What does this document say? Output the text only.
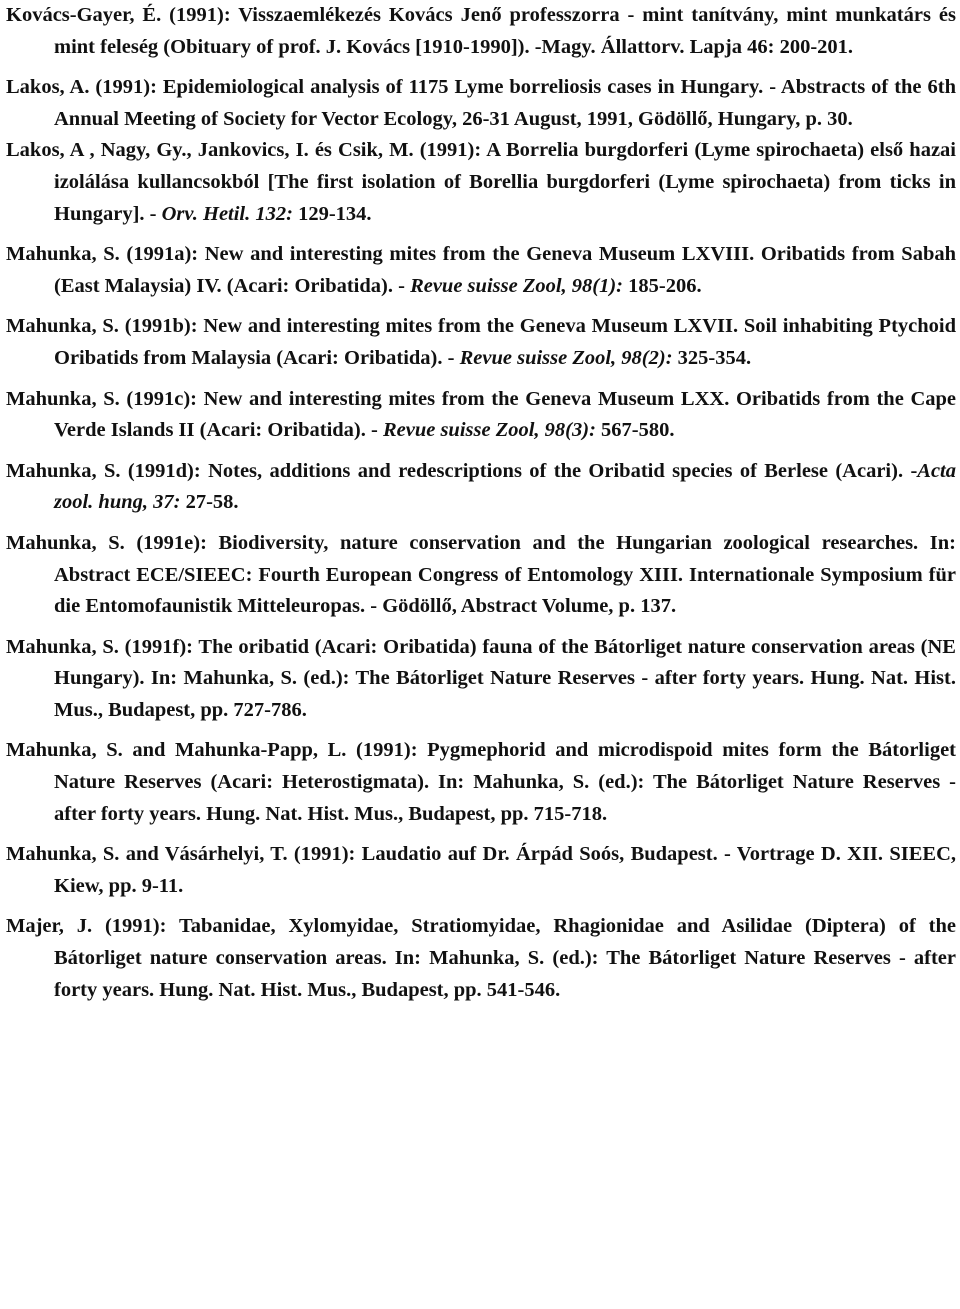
Kovács-Gayer, É. (1991): Visszaemlékezés Kovács Jenő professzorra - mint tanítvány, mint munkatárs és mint feleség (Obituary of prof. J. Kovács [1910-1990]). -Magy. Állattorv. Lapja 46: 200-201.

Lakos, A. (1991): Epidemiological analysis of 1175 Lyme borreliosis cases in Hungary. - Abstracts of the 6th Annual Meeting of Society for Vector Ecology, 26-31 August, 1991, Gödöllő, Hungary, p. 30.

Lakos, A , Nagy, Gy., Jankovics, I. és Csik, M. (1991): A Borrelia burgdorferi (Lyme spirochaeta) első hazai izolálása kullancsokból [The first isolation of Borellia burgdorferi (Lyme spirochaeta) from ticks in Hungary]. - Orv. Hetil. 132: 129-134.

Mahunka, S. (1991a): New and interesting mites from the Geneva Museum LXVIII. Oribatids from Sabah (East Malaysia) IV. (Acari: Oribatida). - Revue suisse Zool, 98(1): 185-206.

Mahunka, S. (1991b): New and interesting mites from the Geneva Museum LXVII. Soil inhabiting Ptychoid Oribatids from Malaysia (Acari: Oribatida). - Revue suisse Zool, 98(2): 325-354.

Mahunka, S. (1991c): New and interesting mites from the Geneva Museum LXX. Oribatids from the Cape Verde Islands II (Acari: Oribatida). - Revue suisse Zool, 98(3): 567-580.

Mahunka, S. (1991d): Notes, additions and redescriptions of the Oribatid species of Berlese (Acari). -Acta zool. hung, 37: 27-58.

Mahunka, S. (1991e): Biodiversity, nature conservation and the Hungarian zoological researches. In: Abstract ECE/SIEEC: Fourth European Congress of Entomology XIII. Internationale Symposium für die Entomofaunistik Mitteleuropas. - Gödöllő, Abstract Volume, p. 137.

Mahunka, S. (1991f): The oribatid (Acari: Oribatida) fauna of the Bátorliget nature conservation areas (NE Hungary). In: Mahunka, S. (ed.): The Bátorliget Nature Reserves - after forty years. Hung. Nat. Hist. Mus., Budapest, pp. 727-786.

Mahunka, S. and Mahunka-Papp, L. (1991): Pygmephorid and microdispoid mites form the Bátorliget Nature Reserves (Acari: Heterostigmata). In: Mahunka, S. (ed.): The Bátorliget Nature Reserves - after forty years. Hung. Nat. Hist. Mus., Budapest, pp. 715-718.

Mahunka, S. and Vásárhelyi, T. (1991): Laudatio auf Dr. Árpád Soós, Budapest. - Vortrage D. XII. SIEEC, Kiew, pp. 9-11.

Majer, J. (1991): Tabanidae, Xylomyidae, Stratiomyidae, Rhagionidae and Asilidae (Diptera) of the Bátorliget nature conservation areas. In: Mahunka, S. (ed.): The Bátorliget Nature Reserves - after forty years. Hung. Nat. Hist. Mus., Budapest, pp. 541-546.
